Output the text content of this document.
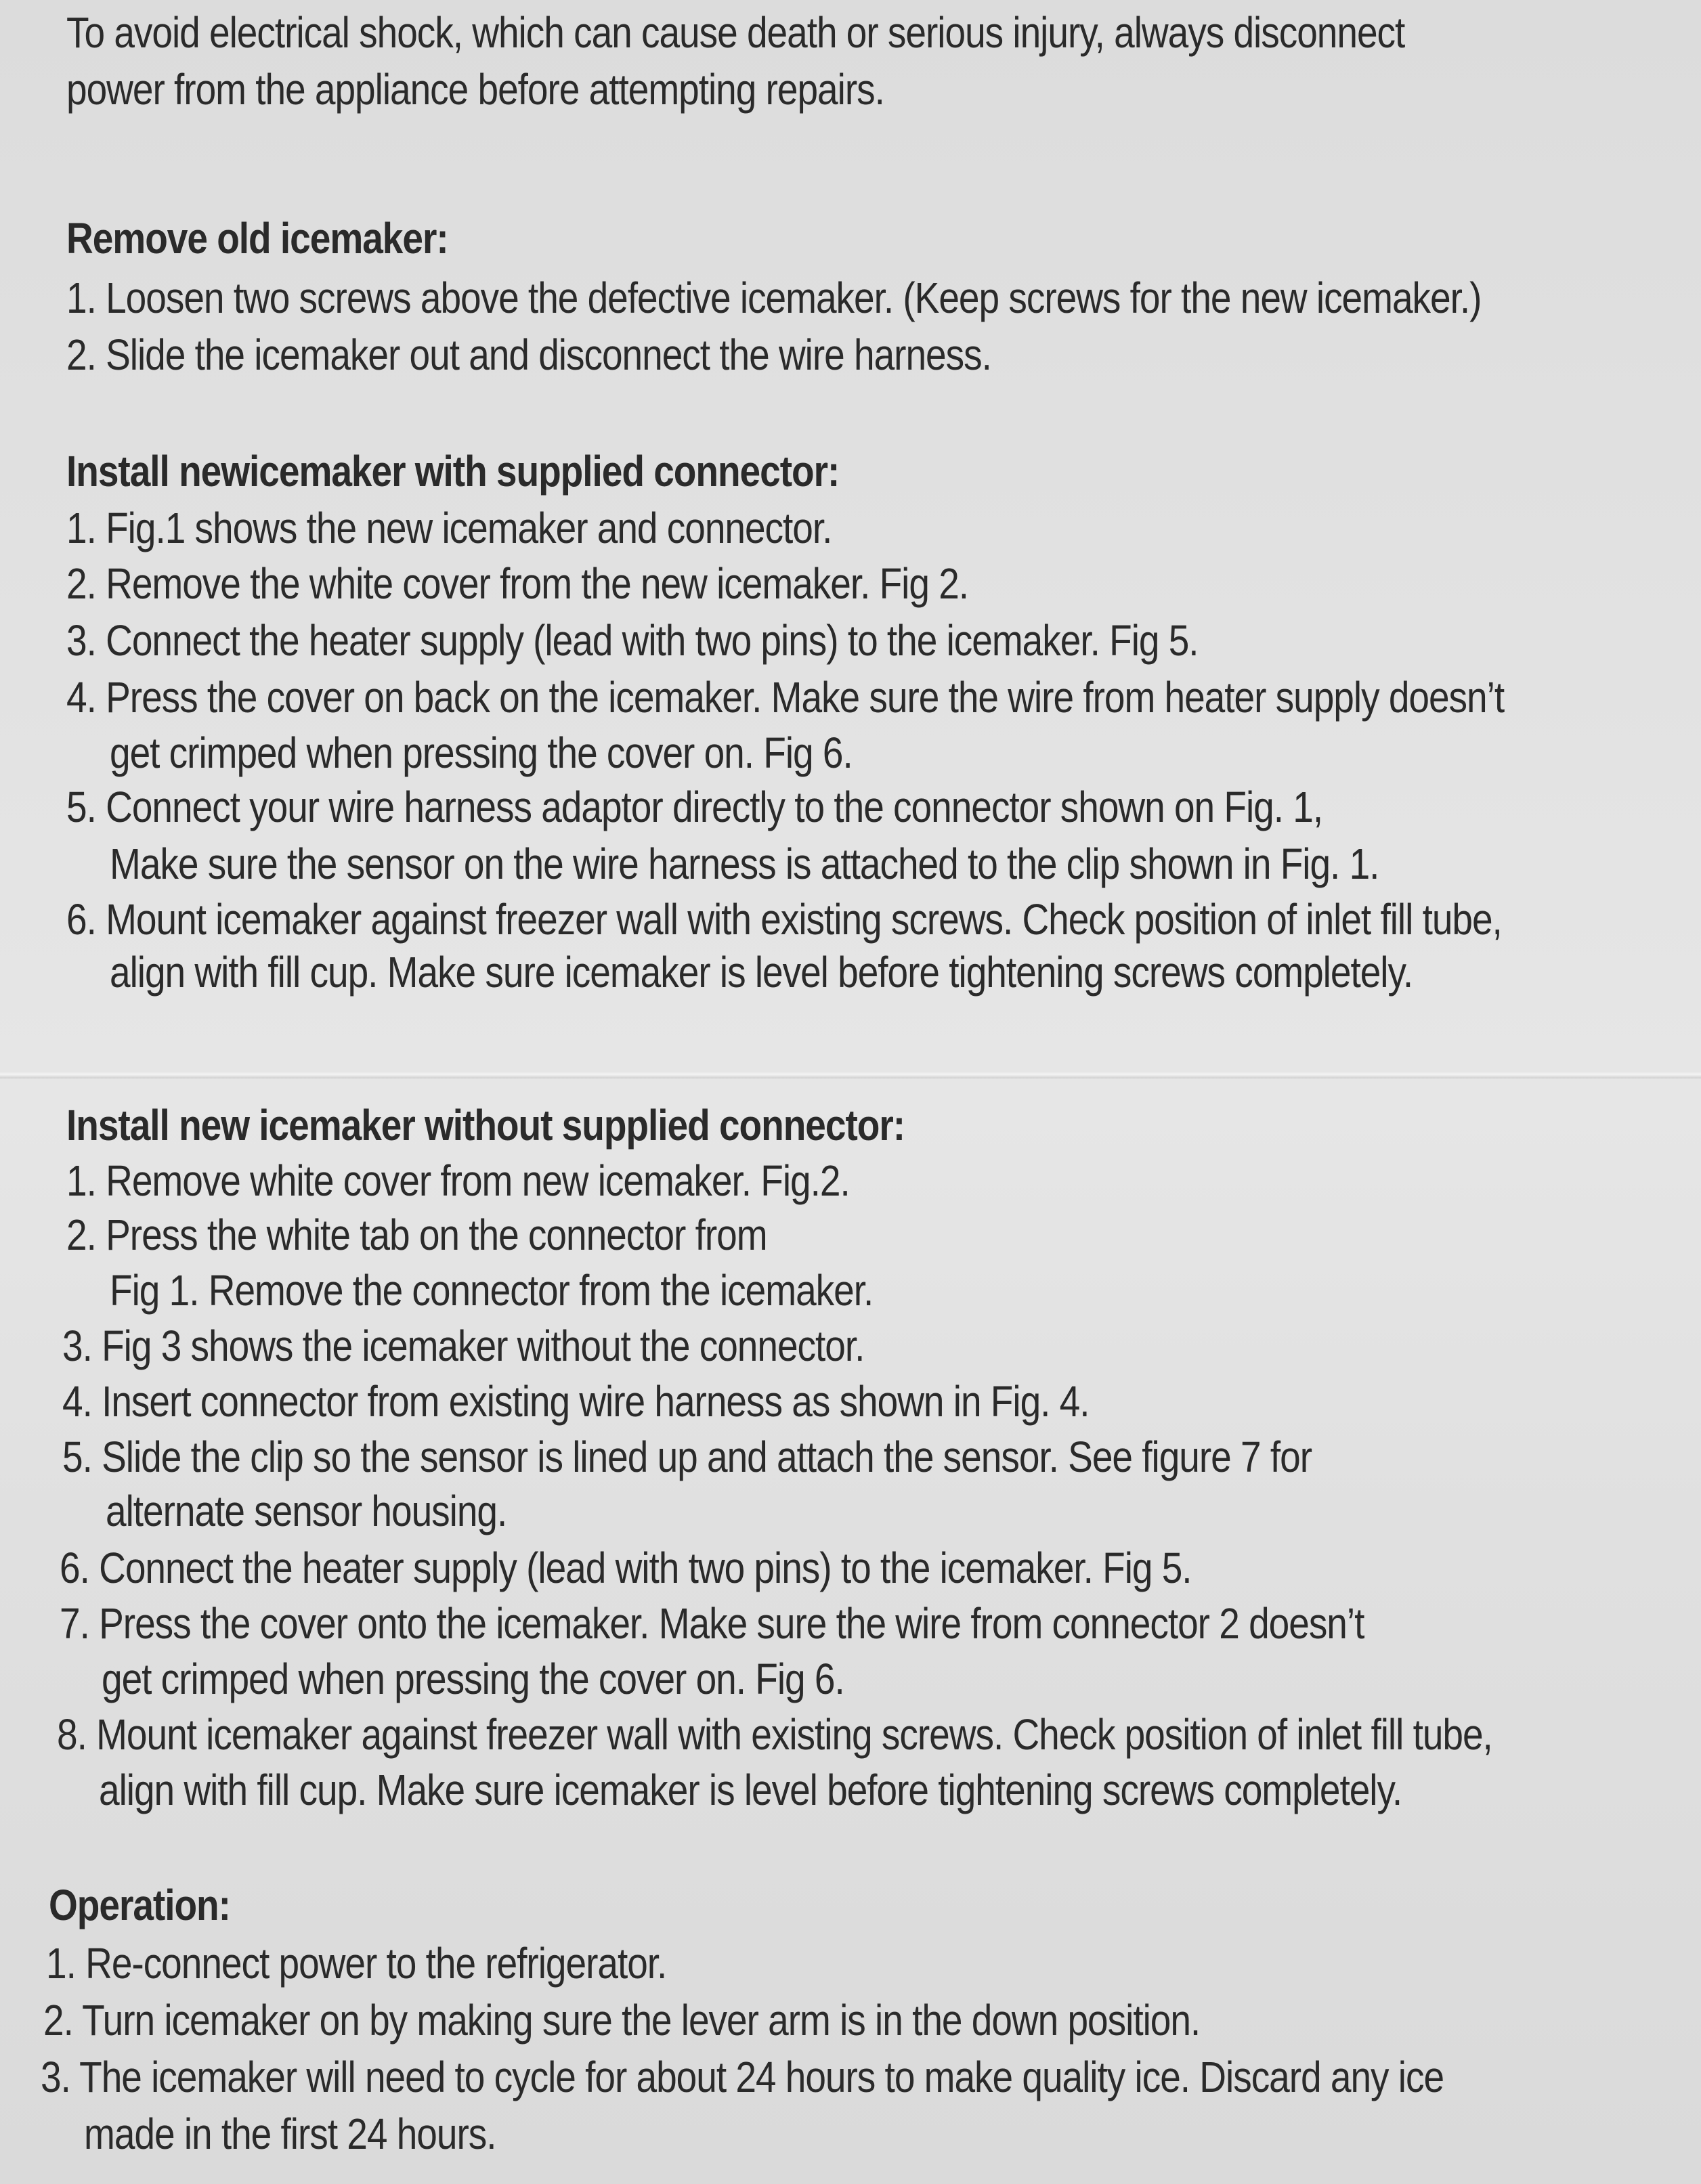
To avoid electrical shock, which can cause death or serious injury, always disconnect
power from the appliance before attempting repairs.
Remove old icemaker:
1. Loosen two screws above the defective icemaker. (Keep screws for the new icemaker.)
2. Slide the icemaker out and disconnect the wire harness.
Install newicemaker with supplied connector:
1. Fig.1 shows the new icemaker and connector.
2. Remove the white cover from the new icemaker. Fig 2.
3. Connect the heater supply (lead with two pins) to the icemaker. Fig 5.
4. Press the cover on back on the icemaker. Make sure the wire from heater supply doesn’t
get crimped when pressing the cover on. Fig 6.
5. Connect your wire harness adaptor directly to the connector shown on Fig. 1,
Make sure the sensor on the wire harness is attached to the clip shown in Fig. 1.
6. Mount icemaker against freezer wall with existing screws. Check position of inlet fill tube,
align with fill cup. Make sure icemaker is level before tightening screws completely.
Install new icemaker without supplied connector:
1. Remove white cover from new icemaker. Fig.2.
2. Press the white tab on the connector from
Fig 1. Remove the connector from the icemaker.
3. Fig 3 shows the icemaker without the connector.
4. Insert connector from existing wire harness as shown in Fig. 4.
5. Slide the clip so the sensor is lined up and attach the sensor. See figure 7 for
alternate sensor housing.
6. Connect the heater supply (lead with two pins) to the icemaker. Fig 5.
7. Press the cover onto the icemaker. Make sure the wire from connector 2 doesn’t
get crimped when pressing the cover on. Fig 6.
8. Mount icemaker against freezer wall with existing screws. Check position of inlet fill tube,
align with fill cup. Make sure icemaker is level before tightening screws completely.
Operation:
1. Re-connect power to the refrigerator.
2. Turn icemaker on by making sure the lever arm is in the down position.
3. The icemaker will need to cycle for about 24 hours to make quality ice. Discard any ice
made in the first 24 hours.
